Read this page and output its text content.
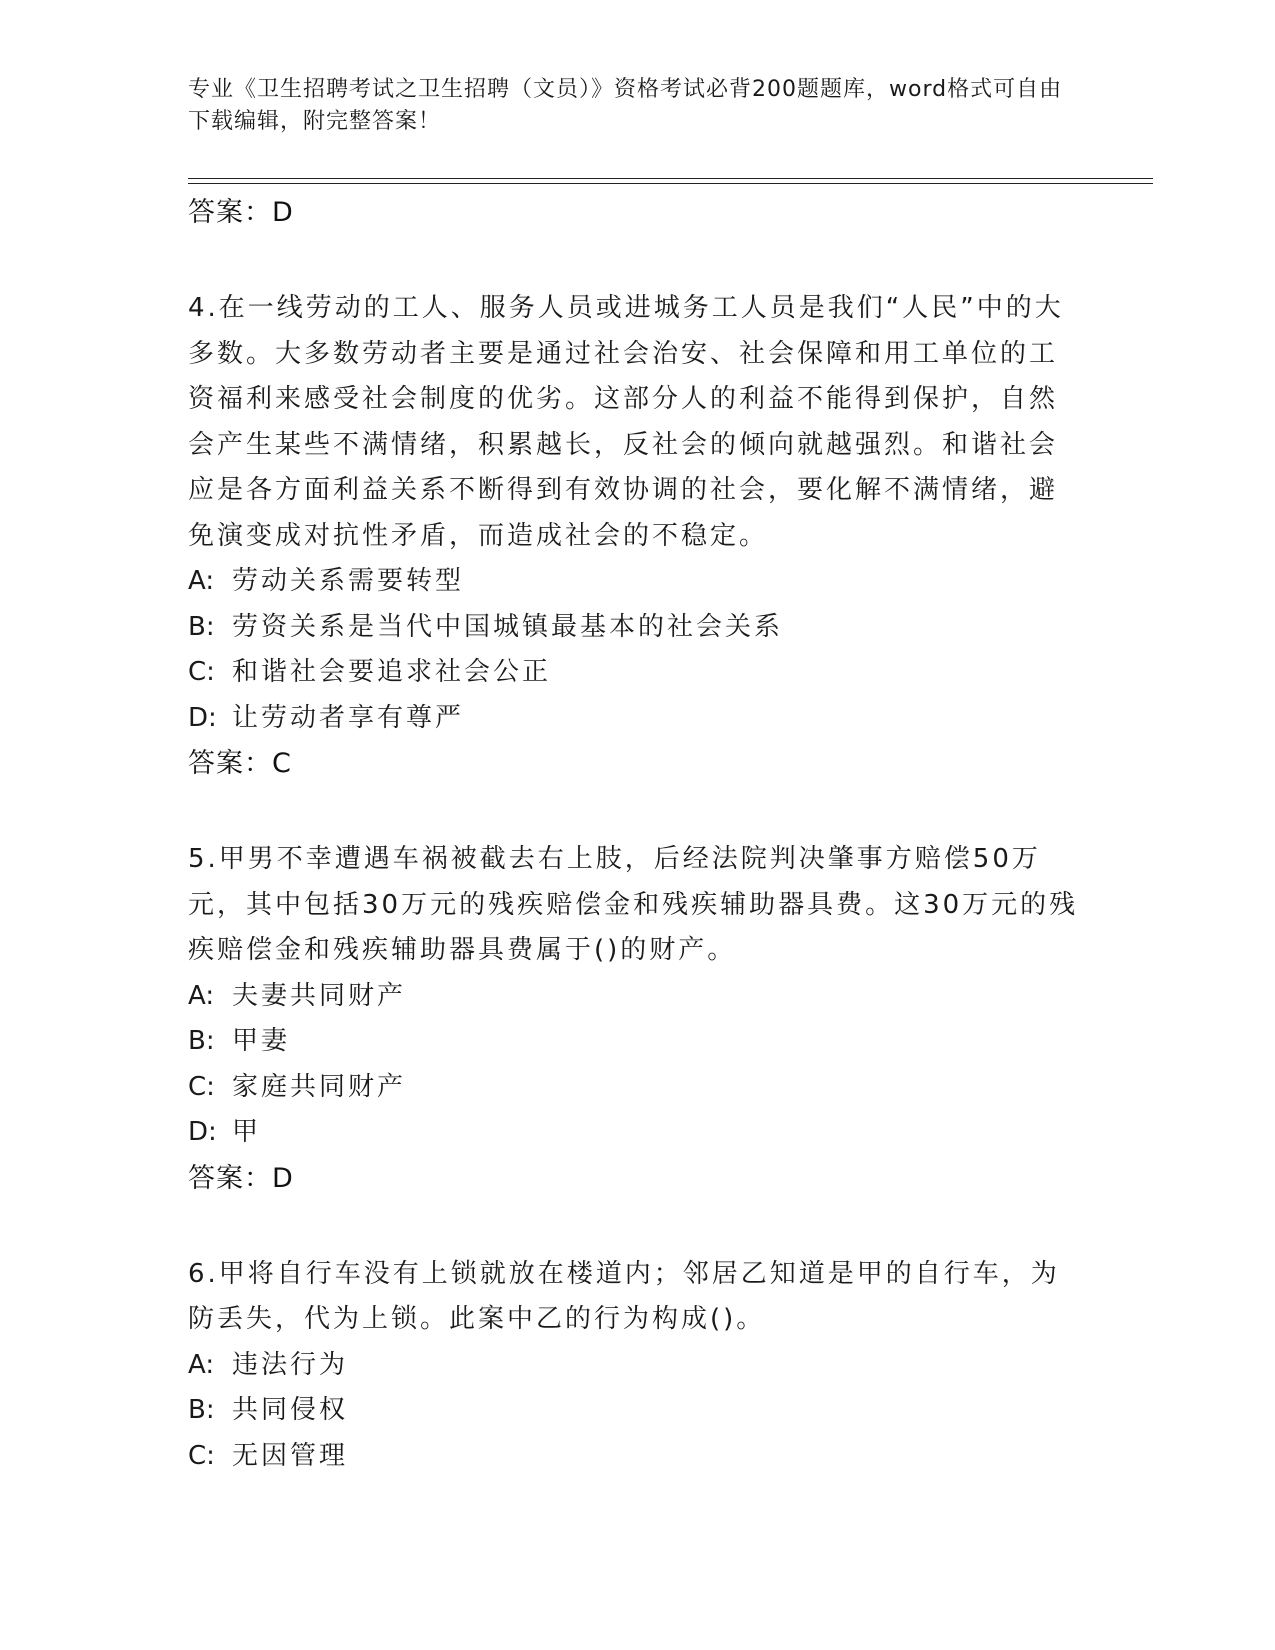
专业《卫生招聘考试之卫生招聘（文员）》资格考试必背200题题库，word格式可自由下载编辑，附完整答案！
答案：D
4.在一线劳动的工人、服务人员或进城务工人员是我们“人民”中的大多数。大多数劳动者主要是通过社会治安、社会保障和用工单位的工资福利来感受社会制度的优劣。这部分人的利益不能得到保护，自然会产生某些不满情绪，积累越长，反社会的倾向就越强烈。和谐社会应是各方面利益关系不断得到有效协调的社会，要化解不满情绪，避免演变成对抗性矛盾，而造成社会的不稳定。
A: 劳动关系需要转型
B: 劳资关系是当代中国城镇最基本的社会关系
C: 和谐社会要追求社会公正
D: 让劳动者享有尊严
答案：C
5.甲男不幸遭遇车祸被截去右上肢，后经法院判决肇事方赔偿50万元，其中包括30万元的残疾赔偿金和残疾辅助器具费。这30万元的残疾赔偿金和残疾辅助器具费属于()的财产。
A: 夫妻共同财产
B: 甲妻
C: 家庭共同财产
D: 甲
答案：D
6.甲将自行车没有上锁就放在楼道内；邻居乙知道是甲的自行车，为防丢失，代为上锁。此案中乙的行为构成()。
A: 违法行为
B: 共同侵权
C: 无因管理
